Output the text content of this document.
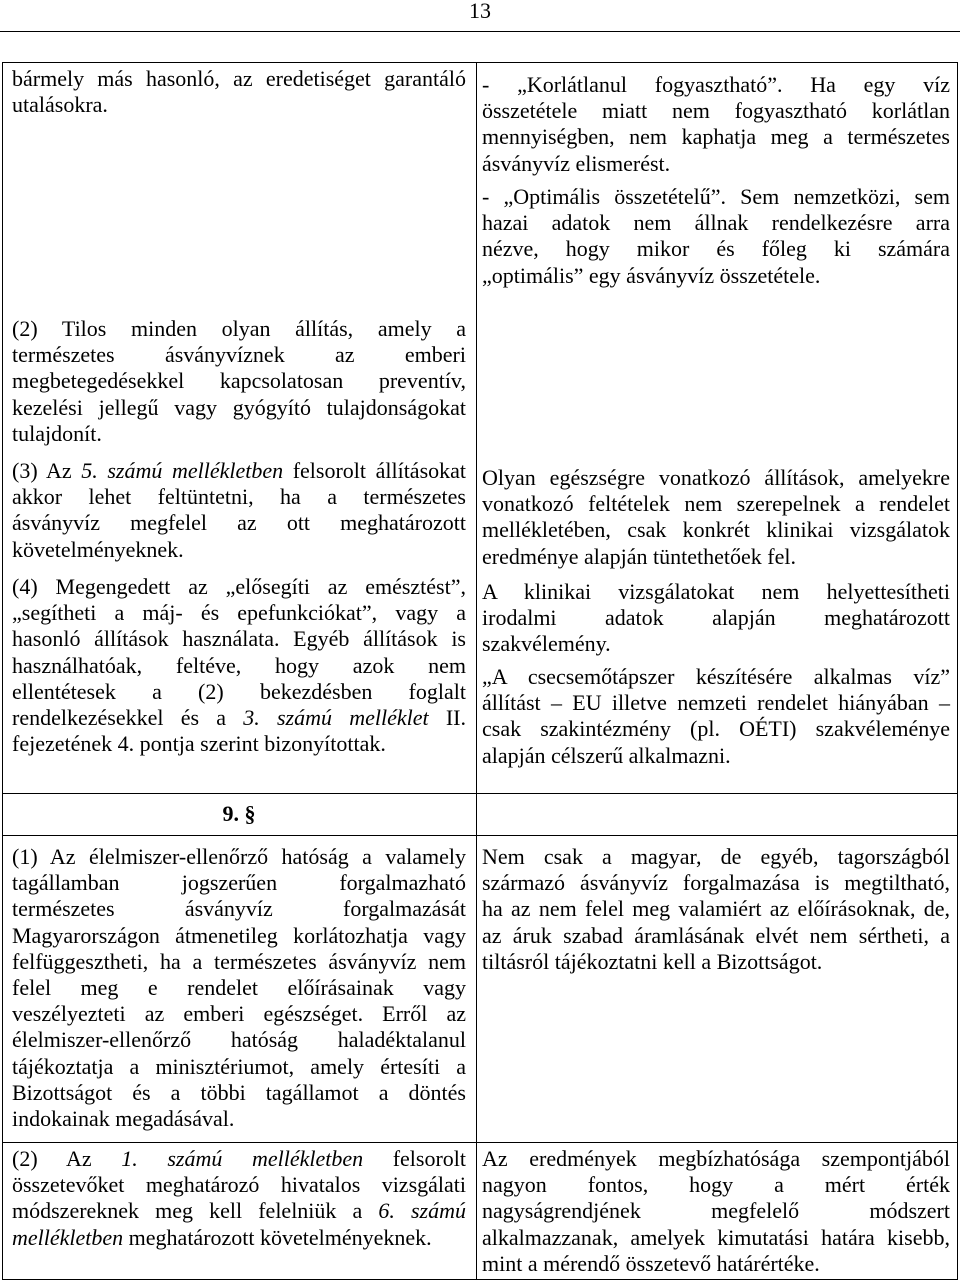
13
bármely más hasonló, az eredetiséget garantáló
utalásokra.
(2) Tilos minden olyan állítás, amely a
természetes ásványvíznek az emberi
megbetegedésekkel kapcsolatosan preventív,
kezelési jellegű vagy gyógyító tulajdonságokat
tulajdonít.
(3) Az 5. számú mellékletben felsorolt állításokat
akkor lehet feltüntetni, ha a természetes
ásványvíz megfelel az ott meghatározott
követelményeknek.
(4) Megengedett az „elősegíti az emésztést”,
„segítheti a máj- és epefunkciókat”, vagy a
hasonló állítások használata. Egyéb állítások is
használhatóak, feltéve, hogy azok nem
ellentétesek a (2) bekezdésben foglalt
rendelkezésekkel és a 3. számú melléklet II.
fejezetének 4. pontja szerint bizonyítottak.
- „Korlátlanul fogyasztható”. Ha egy víz
összetétele miatt nem fogyasztható korlátlan
mennyiségben, nem kaphatja meg a természetes
ásványvíz elismerést.
- „Optimális összetételű”. Sem nemzetközi, sem
hazai adatok nem állnak rendelkezésre arra
nézve, hogy mikor és főleg ki számára
„optimális” egy ásványvíz összetétele.
Olyan egészségre vonatkozó állítások, amelyekre
vonatkozó feltételek nem szerepelnek a rendelet
mellékletében, csak konkrét klinikai vizsgálatok
eredménye alapján tüntethetőek fel.
A klinikai vizsgálatokat nem helyettesítheti
irodalmi adatok alapján meghatározott
szakvélemény.
„A csecsemőtápszer készítésére alkalmas víz”
állítást – EU illetve nemzeti rendelet hiányában –
csak szakintézmény (pl. OÉTI) szakvéleménye
alapján célszerű alkalmazni.
9. §
(1) Az élelmiszer-ellenőrző hatóság a valamely
tagállamban jogszerűen forgalmazható
természetes ásványvíz forgalmazását
Magyarországon átmenetileg korlátozhatja vagy
felfüggesztheti, ha a természetes ásványvíz nem
felel meg e rendelet előírásainak vagy
veszélyezteti az emberi egészséget. Erről az
élelmiszer-ellenőrző hatóság haladéktalanul
tájékoztatja a minisztériumot, amely értesíti a
Bizottságot és a többi tagállamot a döntés
indokainak megadásával.
Nem csak a magyar, de egyéb, tagországból
származó ásványvíz forgalmazása is megtiltható,
ha az nem felel meg valamiért az előírásoknak, de,
az áruk szabad áramlásának elvét nem sértheti, a
tiltásról tájékoztatni kell a Bizottságot.
(2) Az 1. számú mellékletben felsorolt
összetevőket meghatározó hivatalos vizsgálati
módszereknek meg kell felelniük a 6. számú
mellékletben meghatározott követelményeknek.
Az eredmények megbízhatósága szempontjából
nagyon fontos, hogy a mért érték
nagyságrendjének megfelelő módszert
alkalmazzanak, amelyek kimutatási határa kisebb,
mint a mérendő összetevő határértéke.
